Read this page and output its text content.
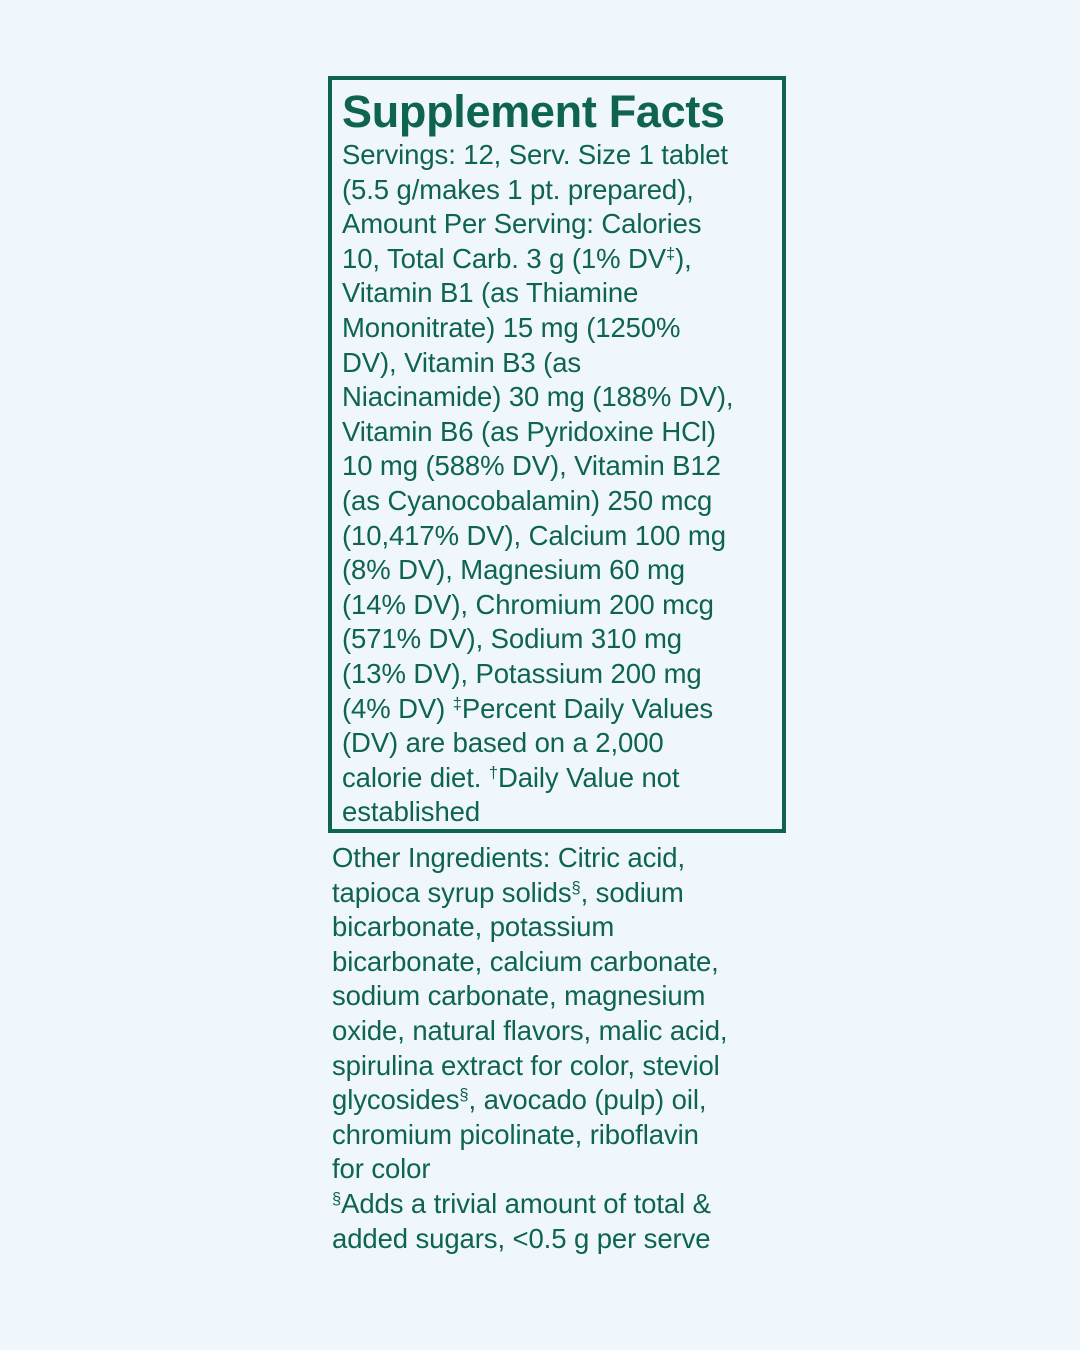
Supplement Facts
Servings: 12, Serv. Size 1 tablet
(5.5 g/makes 1 pt. prepared),
Amount Per Serving: Calories
10, Total Carb. 3 g (1% DV‡),
Vitamin B1 (as Thiamine
Mononitrate) 15 mg (1250%
DV), Vitamin B3 (as
Niacinamide) 30 mg (188% DV),
Vitamin B6 (as Pyridoxine HCl)
10 mg (588% DV), Vitamin B12
(as Cyanocobalamin) 250 mcg
(10,417% DV), Calcium 100 mg
(8% DV), Magnesium 60 mg
(14% DV), Chromium 200 mcg
(571% DV), Sodium 310 mg
(13% DV), Potassium 200 mg
(4% DV) ‡Percent Daily Values
(DV) are based on a 2,000
calorie diet. †Daily Value not
established
Other Ingredients: Citric acid,
tapioca syrup solids§, sodium
bicarbonate, potassium
bicarbonate, calcium carbonate,
sodium carbonate, magnesium
oxide, natural flavors, malic acid,
spirulina extract for color, steviol
glycosides§, avocado (pulp) oil,
chromium picolinate, riboflavin
for color
§Adds a trivial amount of total &
added sugars, <0.5 g per serve
